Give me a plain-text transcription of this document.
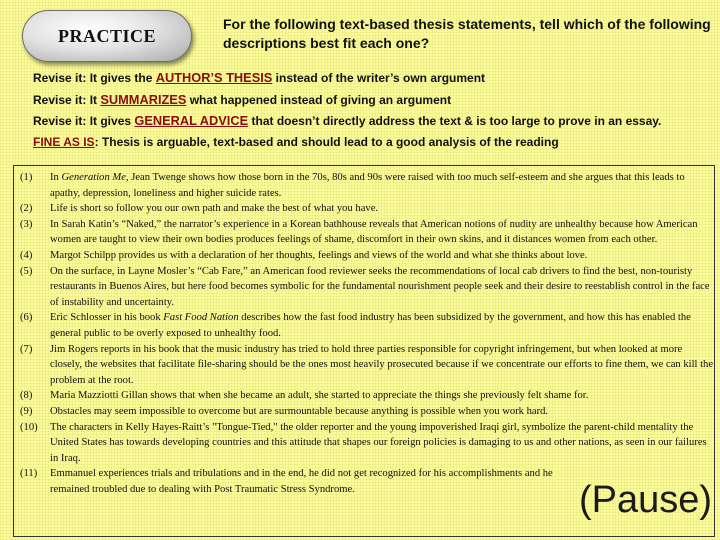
PRACTICE
For the following text-based thesis statements, tell which of the following descriptions best fit each one?
Revise it: It gives the AUTHOR’S THESIS instead of the writer’s own argument
Revise it: It SUMMARIZES what happened instead of giving an argument
Revise it: It gives GENERAL ADVICE that doesn’t directly address the text & is too large to prove in an essay.
FINE AS IS: Thesis is arguable, text-based and should lead to a good analysis of the reading
(1) In Generation Me, Jean Twenge shows how those born in the 70s, 80s and 90s were raised with too much self-esteem and she argues that this leads to apathy, depression, loneliness and higher suicide rates.
(2) Life is short so follow you our own path and make the best of what you have.
(3) In Sarah Katin’s “Naked,” the narrator’s experience in a Korean bathhouse reveals that American notions of nudity are unhealthy because how American women are taught to view their own bodies produces feelings of shame, discomfort in their own skins, and it distances women from each other.
(4) Margot Schilpp provides us with a declaration of her thoughts, feelings and views of the world and what she thinks about love.
(5) On the surface, in Layne Mosler’s “Cab Fare,” an American food reviewer seeks the recommendations of local cab drivers to find the best, non-touristy restaurants in Buenos Aires, but here food becomes symbolic for the fundamental nourishment people seek and their desire to reestablish control in the face of instability and uncertainty.
(6) Eric Schlosser in his book Fast Food Nation describes how the fast food industry has been subsidized by the government, and how this has enabled the general public to be overly exposed to unhealthy food.
(7) Jim Rogers reports in his book that the music industry has tried to hold three parties responsible for copyright infringement, but when looked at more closely, the websites that facilitate file-sharing should be the ones most heavily prosecuted because if we concentrate our efforts to fine them, we can kill the problem at the root.
(8) Maria Mazziotti Gillan shows that when she became an adult, she started to appreciate the things she previously felt shame for.
(9) Obstacles may seem impossible to overcome but are surmountable because anything is possible when you work hard.
(10) The characters in Kelly Hayes-Raitt’s "Tongue-Tied," the older reporter and the young impoverished Iraqi girl, symbolize the parent-child mentality the United States has towards developing countries and this attitude that shapes our foreign policies is damaging to us and other nations, as seen in our failures in Iraq.
(11) Emmanuel experiences trials and tribulations and in the end, he did not get recognized for his accomplishments and he remained troubled due to dealing with Post Traumatic Stress Syndrome.	(Pause)
